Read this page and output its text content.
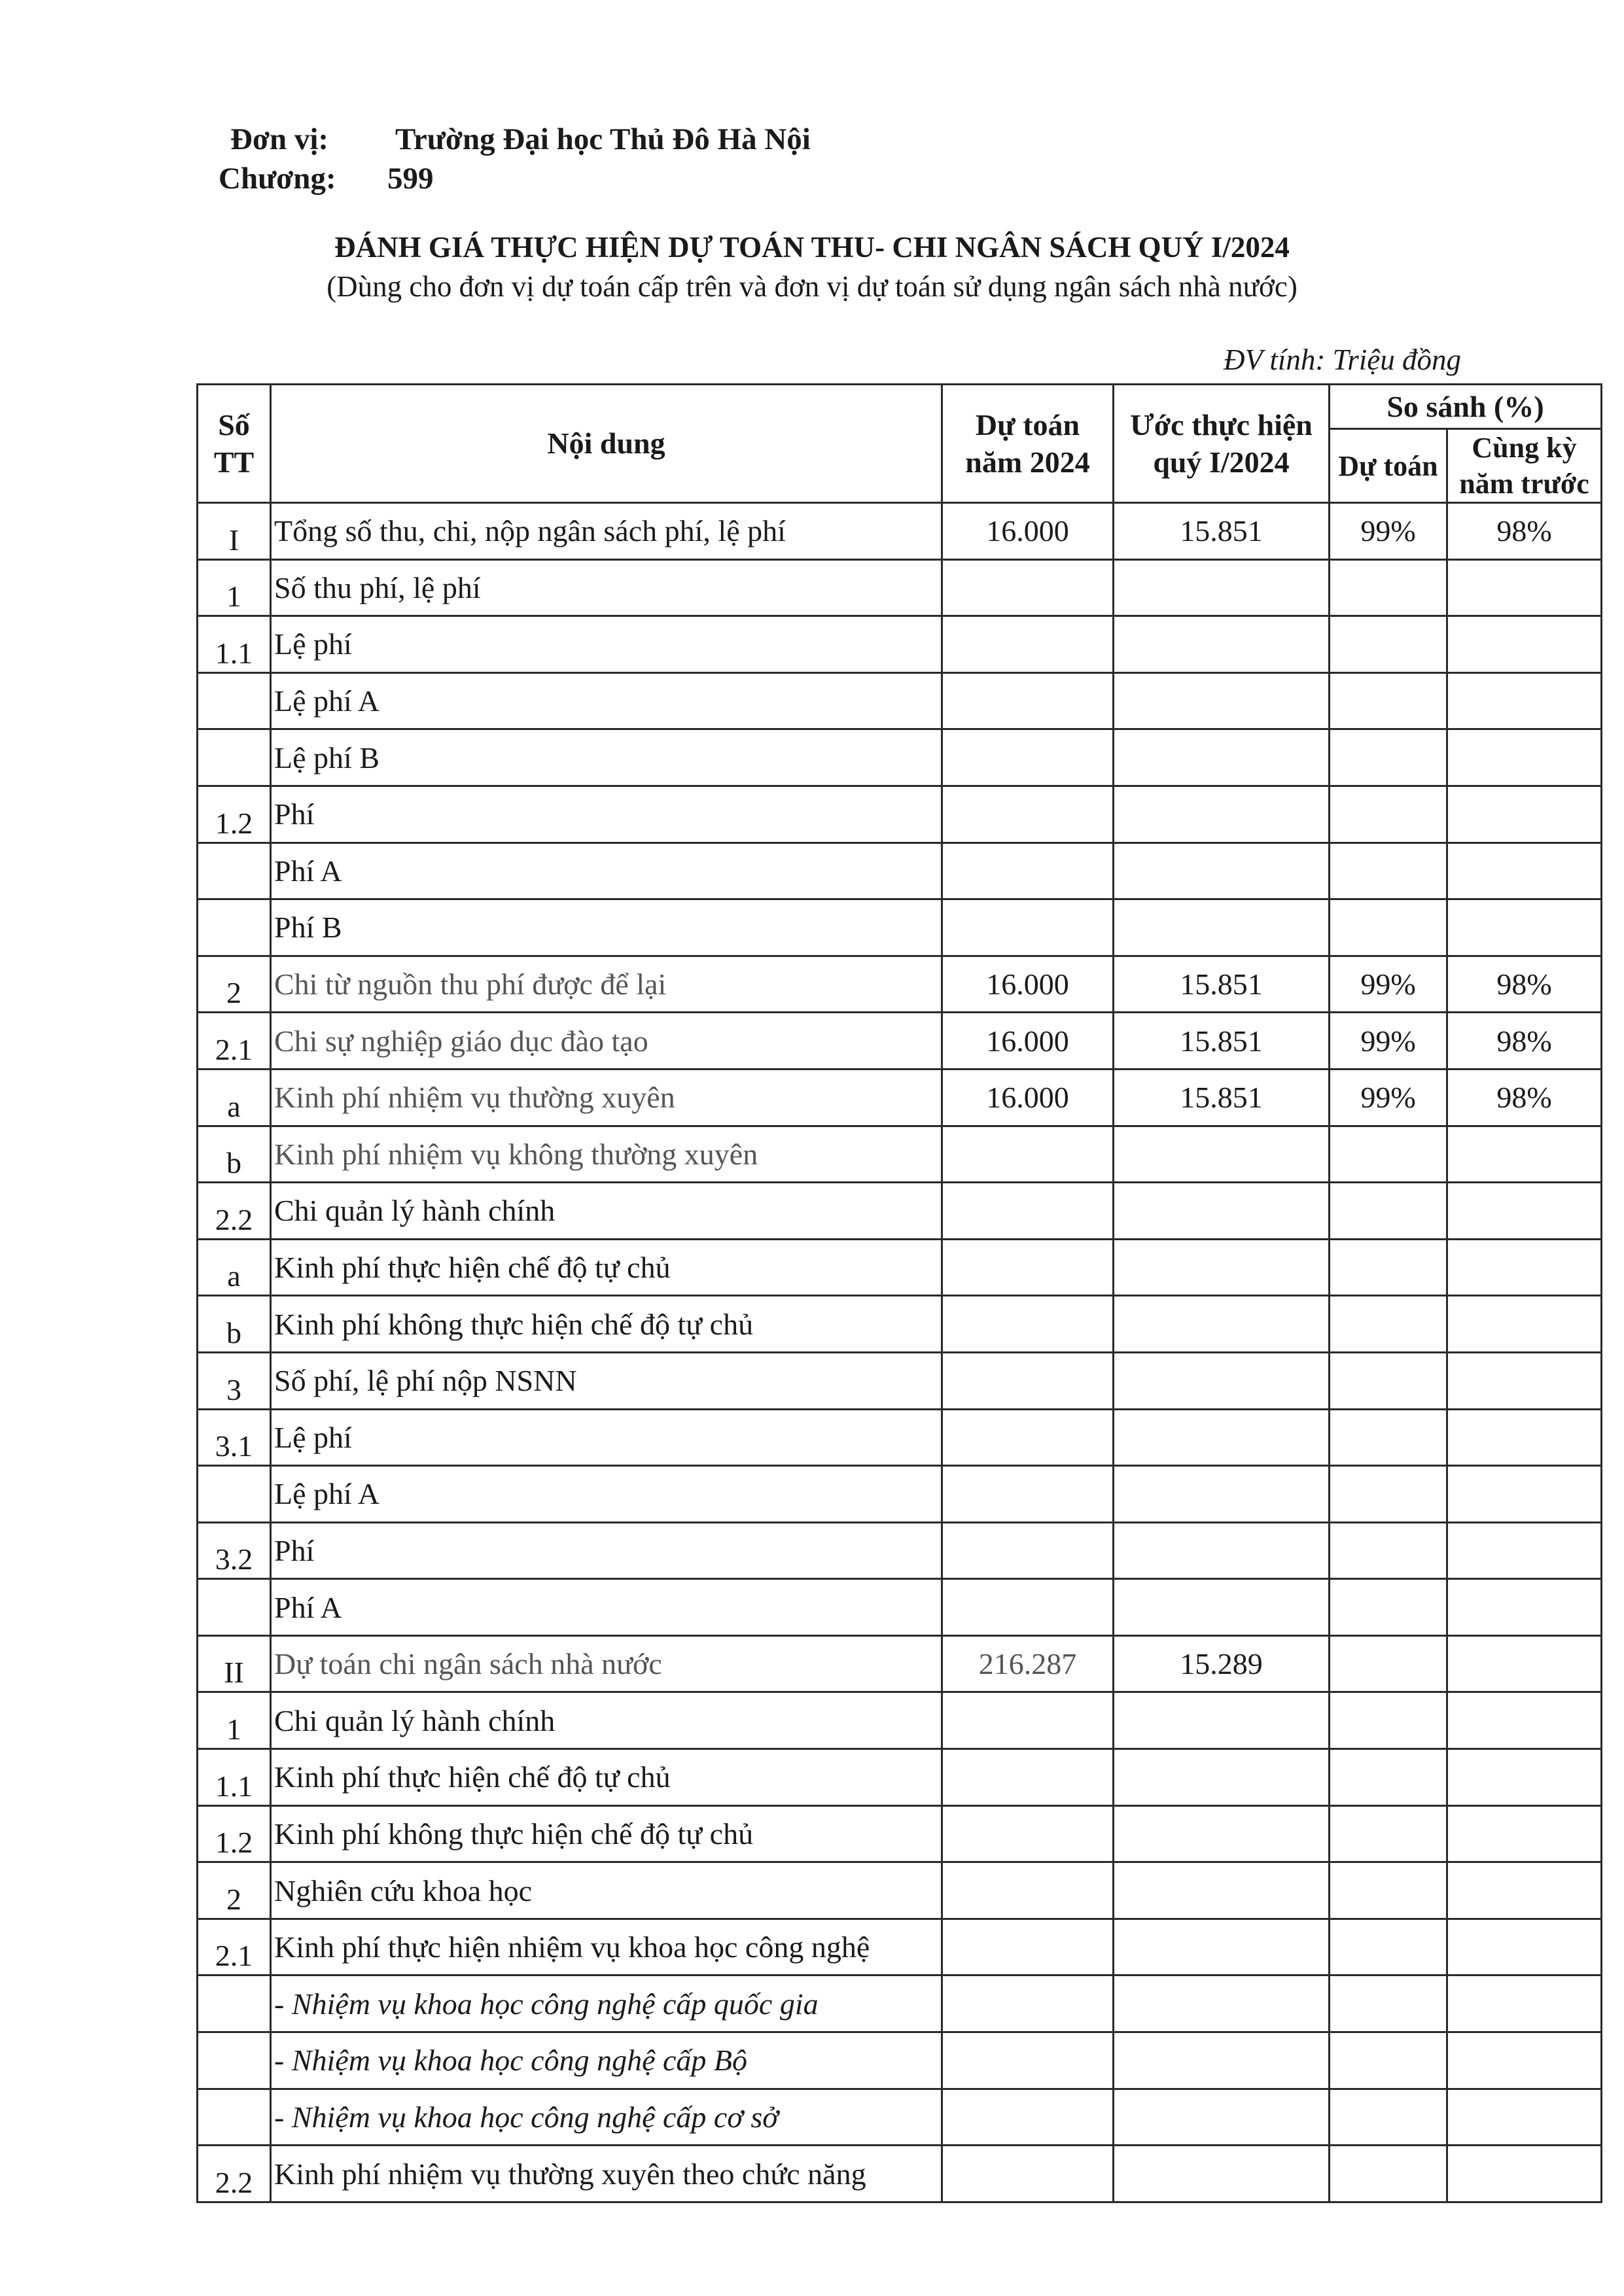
Đơn vị: Trường Đại học Thủ Đô Hà Nội
Chương: 599
ĐÁNH GIÁ THỰC HIỆN DỰ TOÁN THU- CHI NGÂN SÁCH QUÝ I/2024
(Dùng cho đơn vị dự toán cấp trên và đơn vị dự toán sử dụng ngân sách nhà nước)
ĐV tính: Triệu đồng
Số TT	Nội dung	Dự toán năm 2024	Ước thực hiện quý I/2024	So sánh (%)	
				Dự toán	Cùng kỳ năm trước
I	Tổng số thu, chi, nộp ngân sách phí, lệ phí	16.000	15.851	99%	98%
1	Số thu phí, lệ phí				
1.1	Lệ phí				
	Lệ phí A				
	Lệ phí B				
1.2	Phí				
	Phí A				
	Phí B				
2	Chi từ nguồn thu phí được để lại	16.000	15.851	99%	98%
2.1	Chi sự nghiệp giáo dục đào tạo	16.000	15.851	99%	98%
a	Kinh phí nhiệm vụ thường xuyên	16.000	15.851	99%	98%
b	Kinh phí nhiệm vụ không thường xuyên				
2.2	Chi quản lý hành chính				
a	Kinh phí thực hiện chế độ tự chủ				
b	Kinh phí không thực hiện chế độ tự chủ				
3	Số phí, lệ phí nộp NSNN				
3.1	Lệ phí				
	Lệ phí A				
3.2	Phí				
	Phí A				
II	Dự toán chi ngân sách nhà nước	216.287	15.289		
1	Chi quản lý hành chính				
1.1	Kinh phí thực hiện chế độ tự chủ				
1.2	Kinh phí không thực hiện chế độ tự chủ				
2	Nghiên cứu khoa học				
2.1	Kinh phí thực hiện nhiệm vụ khoa học công nghệ				
	- Nhiệm vụ khoa học công nghệ cấp quốc gia				
	- Nhiệm vụ khoa học công nghệ cấp Bộ				
	- Nhiệm vụ khoa học công nghệ cấp cơ sở				
2.2	Kinh phí nhiệm vụ thường xuyên theo chức năng				
